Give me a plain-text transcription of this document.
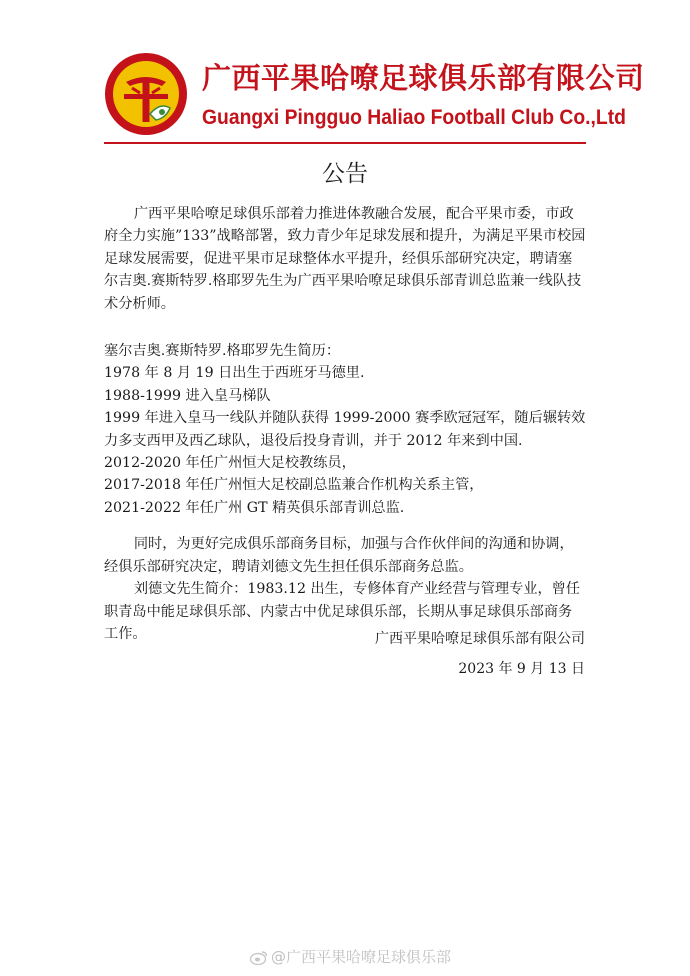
广西平果哈嘹足球俱乐部有限公司
Guangxi Pingguo Haliao Football Club Co.,Ltd
公告

广西平果哈嘹足球俱乐部着力推进体教融合发展，配合平果市委，市政府全力实施”133”战略部署，致力青少年足球发展和提升，为满足平果市校园足球发展需要，促进平果市足球整体水平提升，经俱乐部研究决定，聘请塞尔吉奥.赛斯特罗.格耶罗先生为广西平果哈嘹足球俱乐部青训总监兼一线队技术分析师。

塞尔吉奥.赛斯特罗.格耶罗先生简历：

1978 年 8 月 19 日出生于西班牙马德里.

1988-1999 进入皇马梯队

1999 年进入皇马一线队并随队获得 1999-2000 赛季欧冠冠军，随后辗转效力多支西甲及西乙球队，退役后投身青训，并于 2012 年来到中国.

2012-2020 年任广州恒大足校教练员，

2017-2018 年任广州恒大足校副总监兼合作机构关系主管，

2021-2022 年任广州 GT 精英俱乐部青训总监.

同时，为更好完成俱乐部商务目标，加强与合作伙伴间的沟通和协调，经俱乐部研究决定，聘请刘德文先生担任俱乐部商务总监。

刘德文先生简介：1983.12 出生，专修体育产业经营与管理专业，曾任职青岛中能足球俱乐部、内蒙古中优足球俱乐部，长期从事足球俱乐部商务工作。	广西平果哈嘹足球俱乐部有限公司
2023 年 9 月 13 日
@广西平果哈嘹足球俱乐部
